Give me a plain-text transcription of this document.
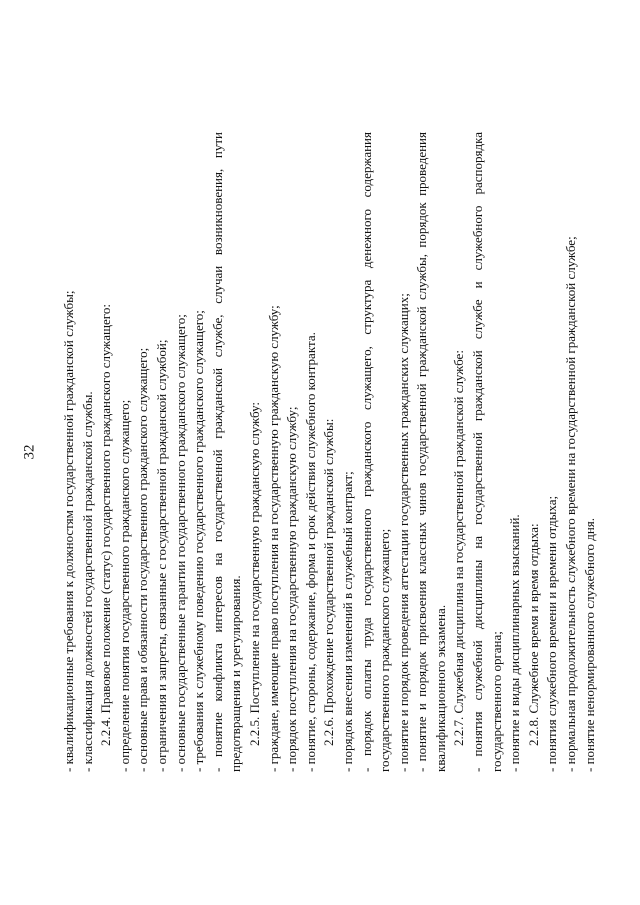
32 - квалификационные требования к должностям государственной гражданской службы; - классификация должностей государственной гражданской службы. 2.2.4. Правовое положение (статус) государственного гражданского служащего: - определение понятия государственного гражданского служащего; - основные права и обязанности государственного гражданского служащего; - ограничения и запреты, связанные с государственной гражданской службой; - основные государственные гарантии государственного гражданского служащего; - требования к служебному поведению государственного гражданского служащего; - понятие конфликта интересов на государственной гражданской службе, случаи возникновения, пути предотвращения и урегулирования. 2.2.5. Поступление на государственную гражданскую службу: - граждане, имеющие право поступления на государственную гражданскую службу; - порядок поступления на государственную гражданскую службу; - понятие, стороны, содержание, форма и срок действия служебного контракта. 2.2.6. Прохождение государственной гражданской службы: - порядок внесения изменений в служебный контракт; - порядок оплаты труда государственного гражданского служащего, структура денежного содержания государственного гражданского служащего; - понятие и порядок проведения аттестации государственных гражданских служащих; - понятие и порядок присвоения классных чинов государственной гражданской службы, порядок проведения квалификационного экзамена. 2.2.7. Служебная дисциплина на государственной гражданской службе: - понятия служебной дисциплины на государственной гражданской службе и служебного распорядка государственного органа; - понятие и виды дисциплинарных взысканий. 2.2.8. Служебное время и время отдыха: - понятия служебного времени и времени отдыха; - нормальная продолжительность служебного времени на государственной гражданской службе; - понятие ненормированного служебного дня.
